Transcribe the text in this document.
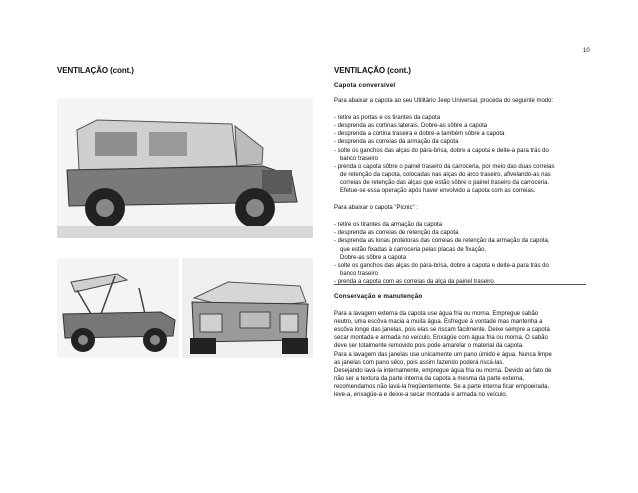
10
VENTILAÇÃO (cont.)	VENTILAÇÃO (cont.)

Capota conversível

Para abaixar a capota ao seu Utilitário Jeep Universal, proceda do seguinte modo:

- retire as portas e os tirantes da capota

- desprenda as cortinas laterais. Dobre-as sôbre a capota

- desprenda a cortina traseira e dobre-a também sôbre a capota

- desprenda as correias da armação da capota

- solte os ganchos das alças do pára-brisa, dobre a capota e deite-a para trás do

banco traseiro

- prenda o capota sôbre o painel traseiro da carroceria, por meio das duas correias

de retenção da capota, colocadas nas alças do arco traseiro, afivelando-as nas

correias de retenção das alças que estão sôbre o painel traseiro da carroceria.

Efetue-se essa operação após haver envolvido a capota com as correias.

Para abaixar o capota "Picnic" :

- retire os tirantes da armação da capota

- desprenda as correias de retenção da capota

- desprenda as lonas protetoras das correias de retenção da armação da capota,

que estão fixadas à carroceria pelas placas de fixação.

Dobre-as sôbre a capota

- solte os ganchos das alças do pára-brisa, dobre a capota e deite-a para trás do

banco traseiro

- prenda a capota com as correias da alça da painel traseiro.

Conservação e manutenção

Para a lavagem externa da capota use água fria ou morna. Empregue sabão

neutro, uma escôva macia a muita água. Esfregue à vontade mas mantenha a

escôva longe das janelas, pois elas se riscam fàcilmente. Deixe sempre a capota

secar montada e armada no veículo. Enxagüe com água fria ou morna. O sabão

deve ser totalmente removido pois pode amarelar o material da capota.

Para a lavagem das janelas use unicamente um pano úmido e água. Nunca limpe

as janelas com pano sêco, pois assim fazendo poderá riscá-las.

Desejando lavá-la internamente, empregue água fria ou morna. Devido ao fato de

não ser a textura da parte interna da capota a mesma da parte externa,

recomendamos não lavá-la freqüentemente. Se a parte interna ficar empoeirada,

leve-a, enxagüe-a e deixe-a secar montada e armada no veículo.
